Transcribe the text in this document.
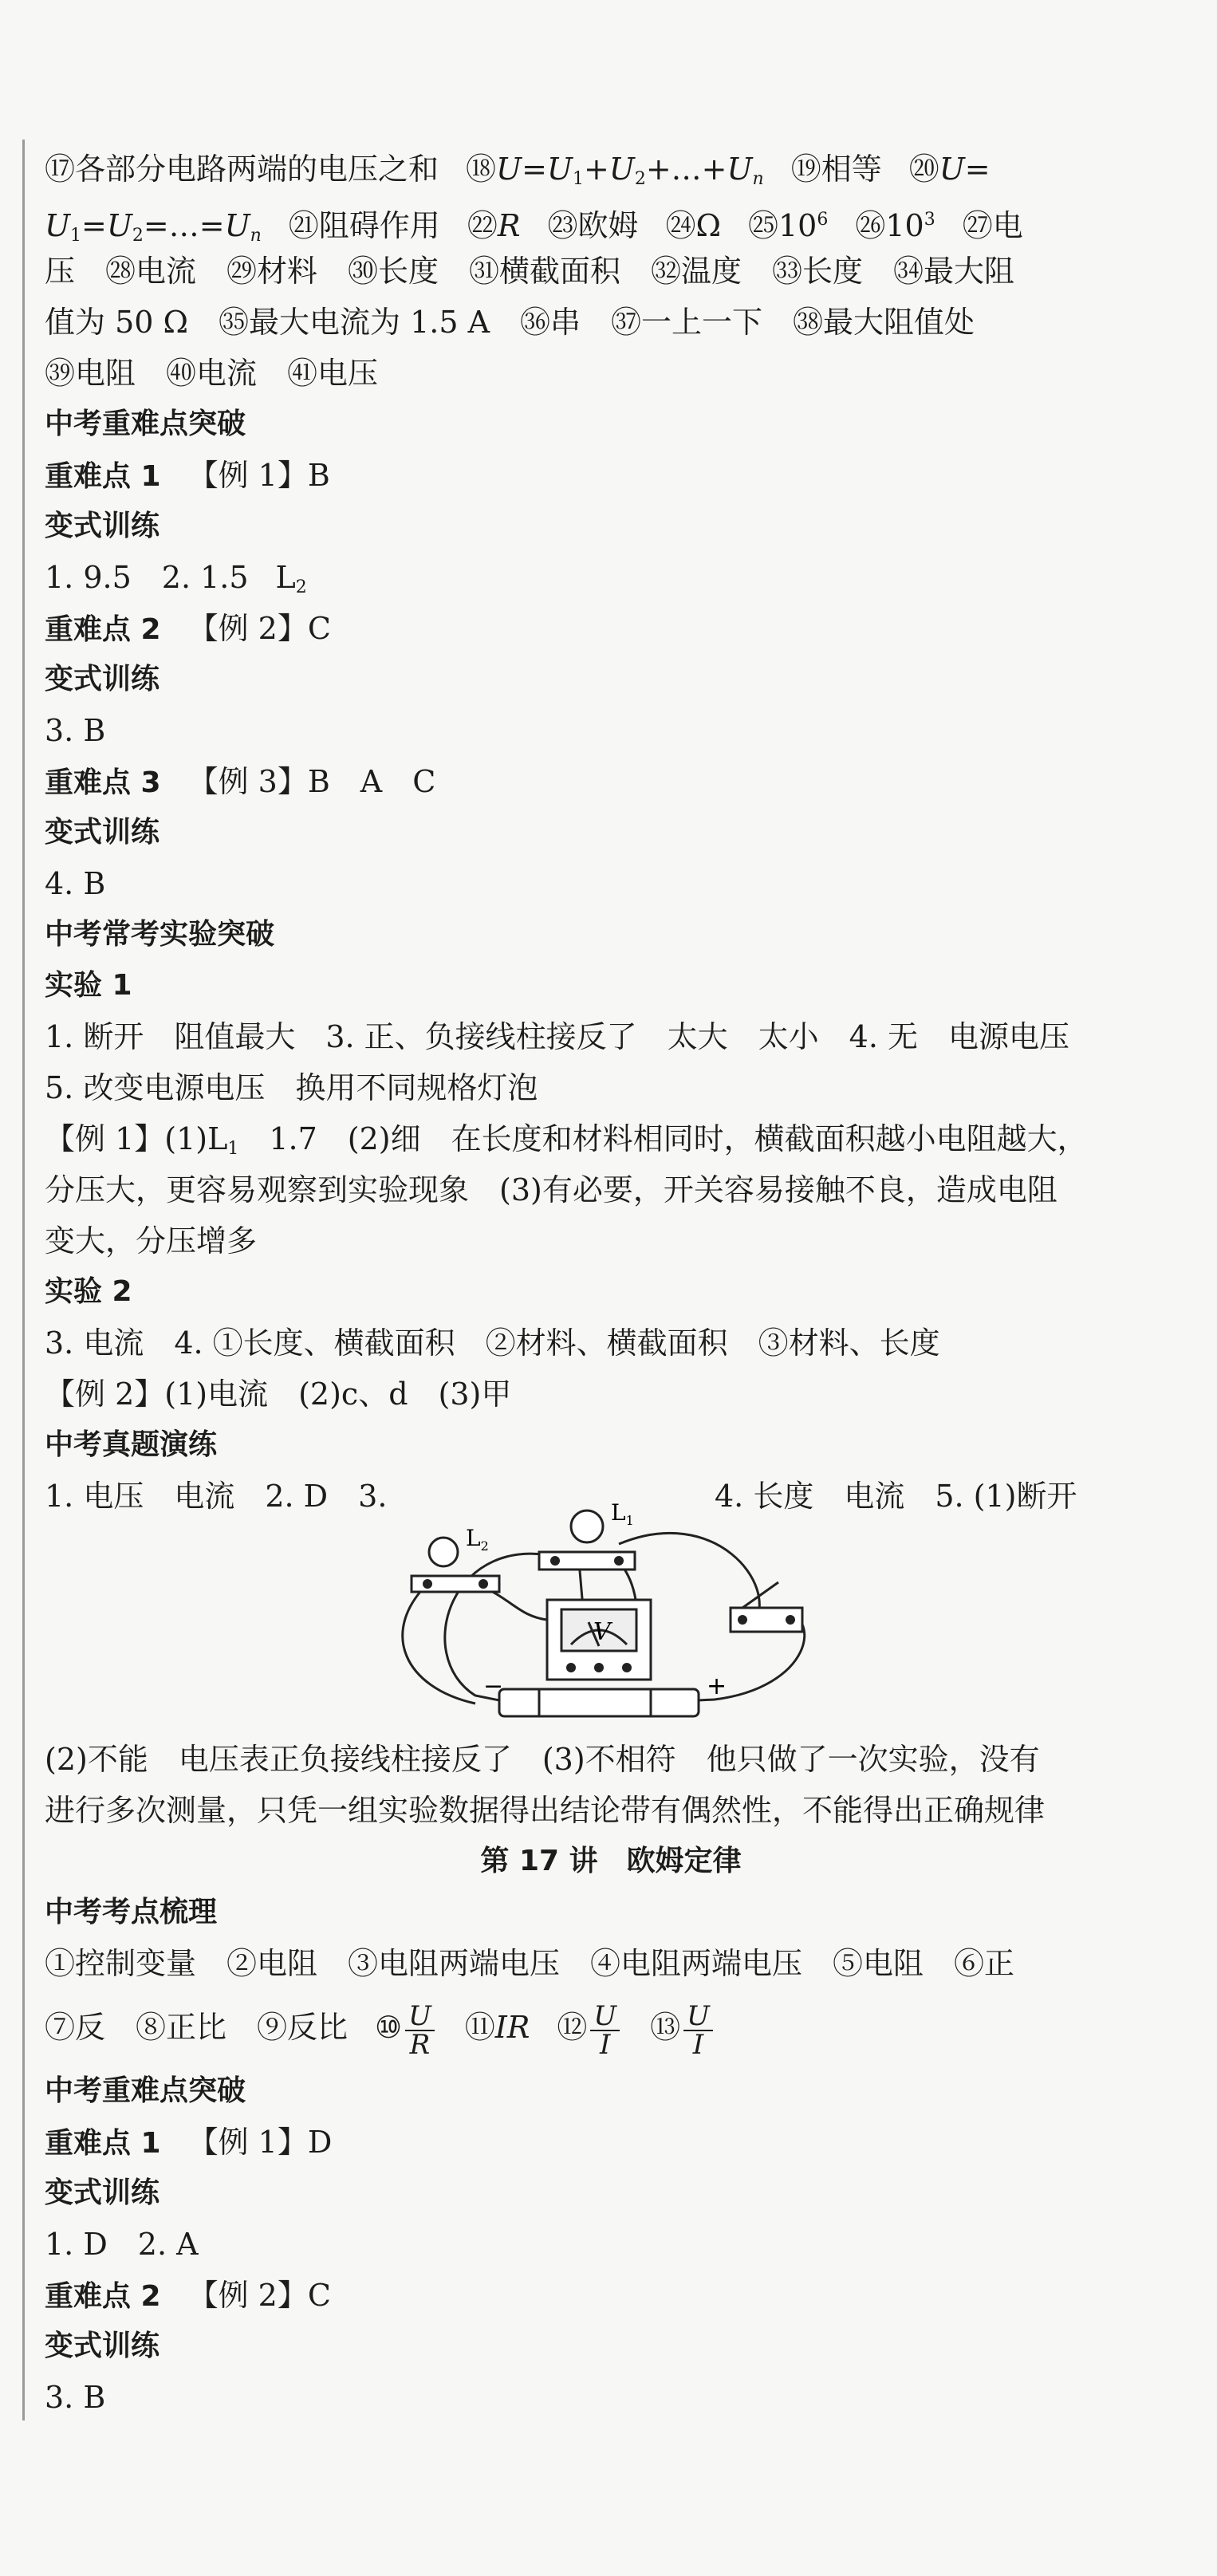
⑰各部分电路两端的电压之和 $⑱U=U_1+U_2+\dots+U_n$ ⑲相等 ⑳U=
$U_1=U_2=\dots=U_n$ ㉑阻碍作用 ㉒R ㉓欧姆 ㉔Ω $㉕10^6$ $㉖10^3$ ㉗电
压　㉘电流　㉙材料　㉚长度　㉛横截面积　㉜温度　㉝长度　㉞最大阻
值为 50 Ω　㉟最大电流为 1.5 A　㊱串　㊲一上一下　㊳最大阻值处
㊴电阻　㊵电流　㊶电压
中考重难点突破
重难点 1 【例 1】B
变式训练
1. 9.5　2. 1.5 $L_2$
重难点 2 【例 2】C
变式训练
3. B
重难点 3 【例 3】B　A　C
变式训练
4. B
中考常考实验突破
实验 1
1. 断开　阻值最大　3. 正、负接线柱接反了　太大　太小　4. 无　电源电压
5. 改变电源电压　换用不同规格灯泡
【例 1】$(1)L_1$　1.7　(2)细　在长度和材料相同时，横截面积越小电阻越大，
分压大，更容易观察到实验现象　(3)有必要，开关容易接触不良，造成电阻
变大，分压增多
实验 2
3. 电流　4. ①长度、横截面积　②材料、横截面积　③材料、长度
【例 2】(1)电流　(2)c、d　(3)甲
中考真题演练
1. 电压　电流　2. D　3.	4. 长度　电流　5. (1)断开
$L_1$
$L_2$
V
−	+
(2)不能　电压表正负接线柱接反了　(3)不相符　他只做了一次实验，没有
进行多次测量，只凭一组实验数据得出结论带有偶然性，不能得出正确规律
第 17 讲　欧姆定律
中考考点梳理
①控制变量　②电阻　③电阻两端电压　④电阻两端电压　⑤电阻　⑥正
⑦反　⑧正比　⑨反比 ⑩ $\frac{U}{R}$ ⑪IR ⑫ $\frac{U}{I}$ ⑬ $\frac{U}{I}$
中考重难点突破
重难点 1 【例 1】D
变式训练
1. D　2. A
重难点 2 【例 2】C
变式训练
3. B
